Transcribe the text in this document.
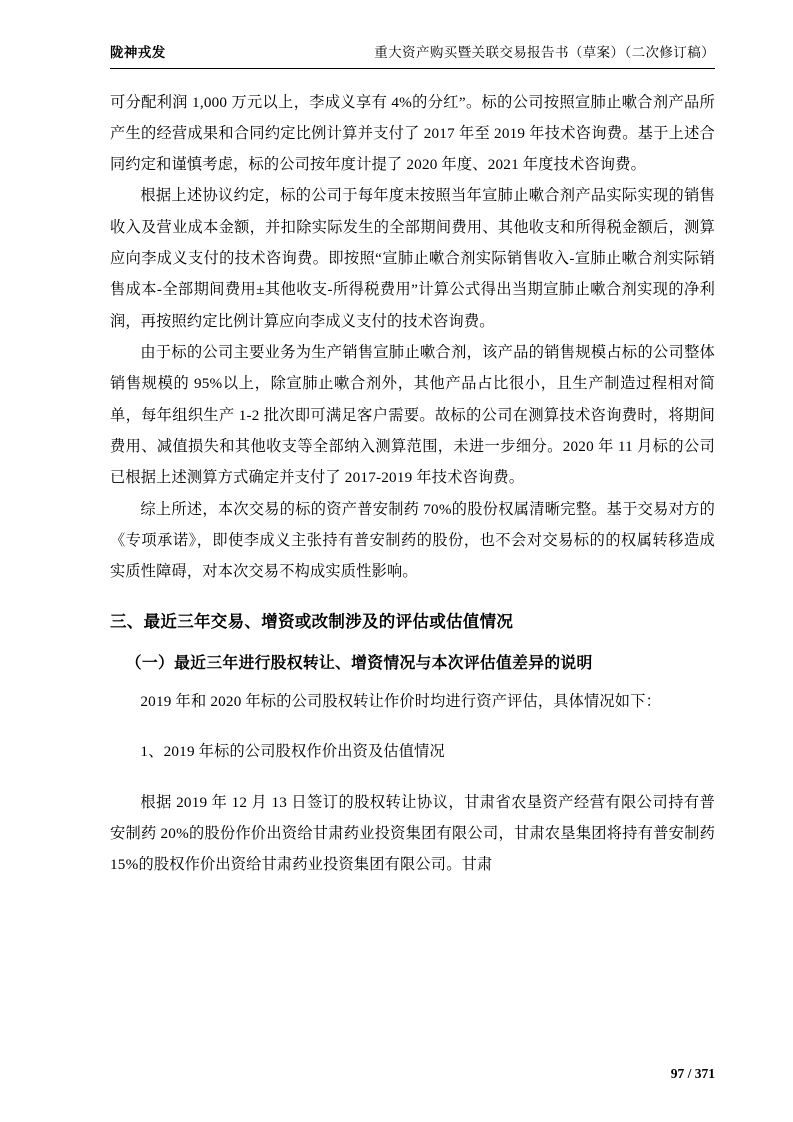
陇神戎发	重大资产购买暨关联交易报告书（草案）（二次修订稿）

可分配利润 1,000 万元以上，李成义享有 4%的分红”。标的公司按照宣肺止嗽合剂产品所产生的经营成果和合同约定比例计算并支付了 2017 年至 2019 年技术咨询费。基于上述合同约定和谨慎考虑，标的公司按年度计提了 2020 年度、2021 年度技术咨询费。

根据上述协议约定，标的公司于每年度末按照当年宣肺止嗽合剂产品实际实现的销售收入及营业成本金额，并扣除实际发生的全部期间费用、其他收支和所得税金额后，测算应向李成义支付的技术咨询费。即按照“宣肺止嗽合剂实际销售收入-宣肺止嗽合剂实际销售成本-全部期间费用±其他收支-所得税费用”计算公式得出当期宣肺止嗽合剂实现的净利润，再按照约定比例计算应向李成义支付的技术咨询费。

由于标的公司主要业务为生产销售宣肺止嗽合剂，该产品的销售规模占标的公司整体销售规模的 95%以上，除宣肺止嗽合剂外，其他产品占比很小，且生产制造过程相对简单，每年组织生产 1-2 批次即可满足客户需要。故标的公司在测算技术咨询费时，将期间费用、减值损失和其他收支等全部纳入测算范围，未进一步细分。2020 年 11 月标的公司已根据上述测算方式确定并支付了 2017-2019 年技术咨询费。

综上所述，本次交易的标的资产普安制药 70%的股份权属清晰完整。基于交易对方的《专项承诺》，即使李成义主张持有普安制药的股份，也不会对交易标的的权属转移造成实质性障碍，对本次交易不构成实质性影响。

三、最近三年交易、增资或改制涉及的评估或估值情况
（一）最近三年进行股权转让、增资情况与本次评估值差异的说明

2019 年和 2020 年标的公司股权转让作价时均进行资产评估，具体情况如下：

1、2019 年标的公司股权作价出资及估值情况

根据 2019 年 12 月 13 日签订的股权转让协议，甘肃省农垦资产经营有限公司持有普安制药 20%的股份作价出资给甘肃药业投资集团有限公司，甘肃农垦集团将持有普安制药 15%的股权作价出资给甘肃药业投资集团有限公司。甘肃

97 / 371
